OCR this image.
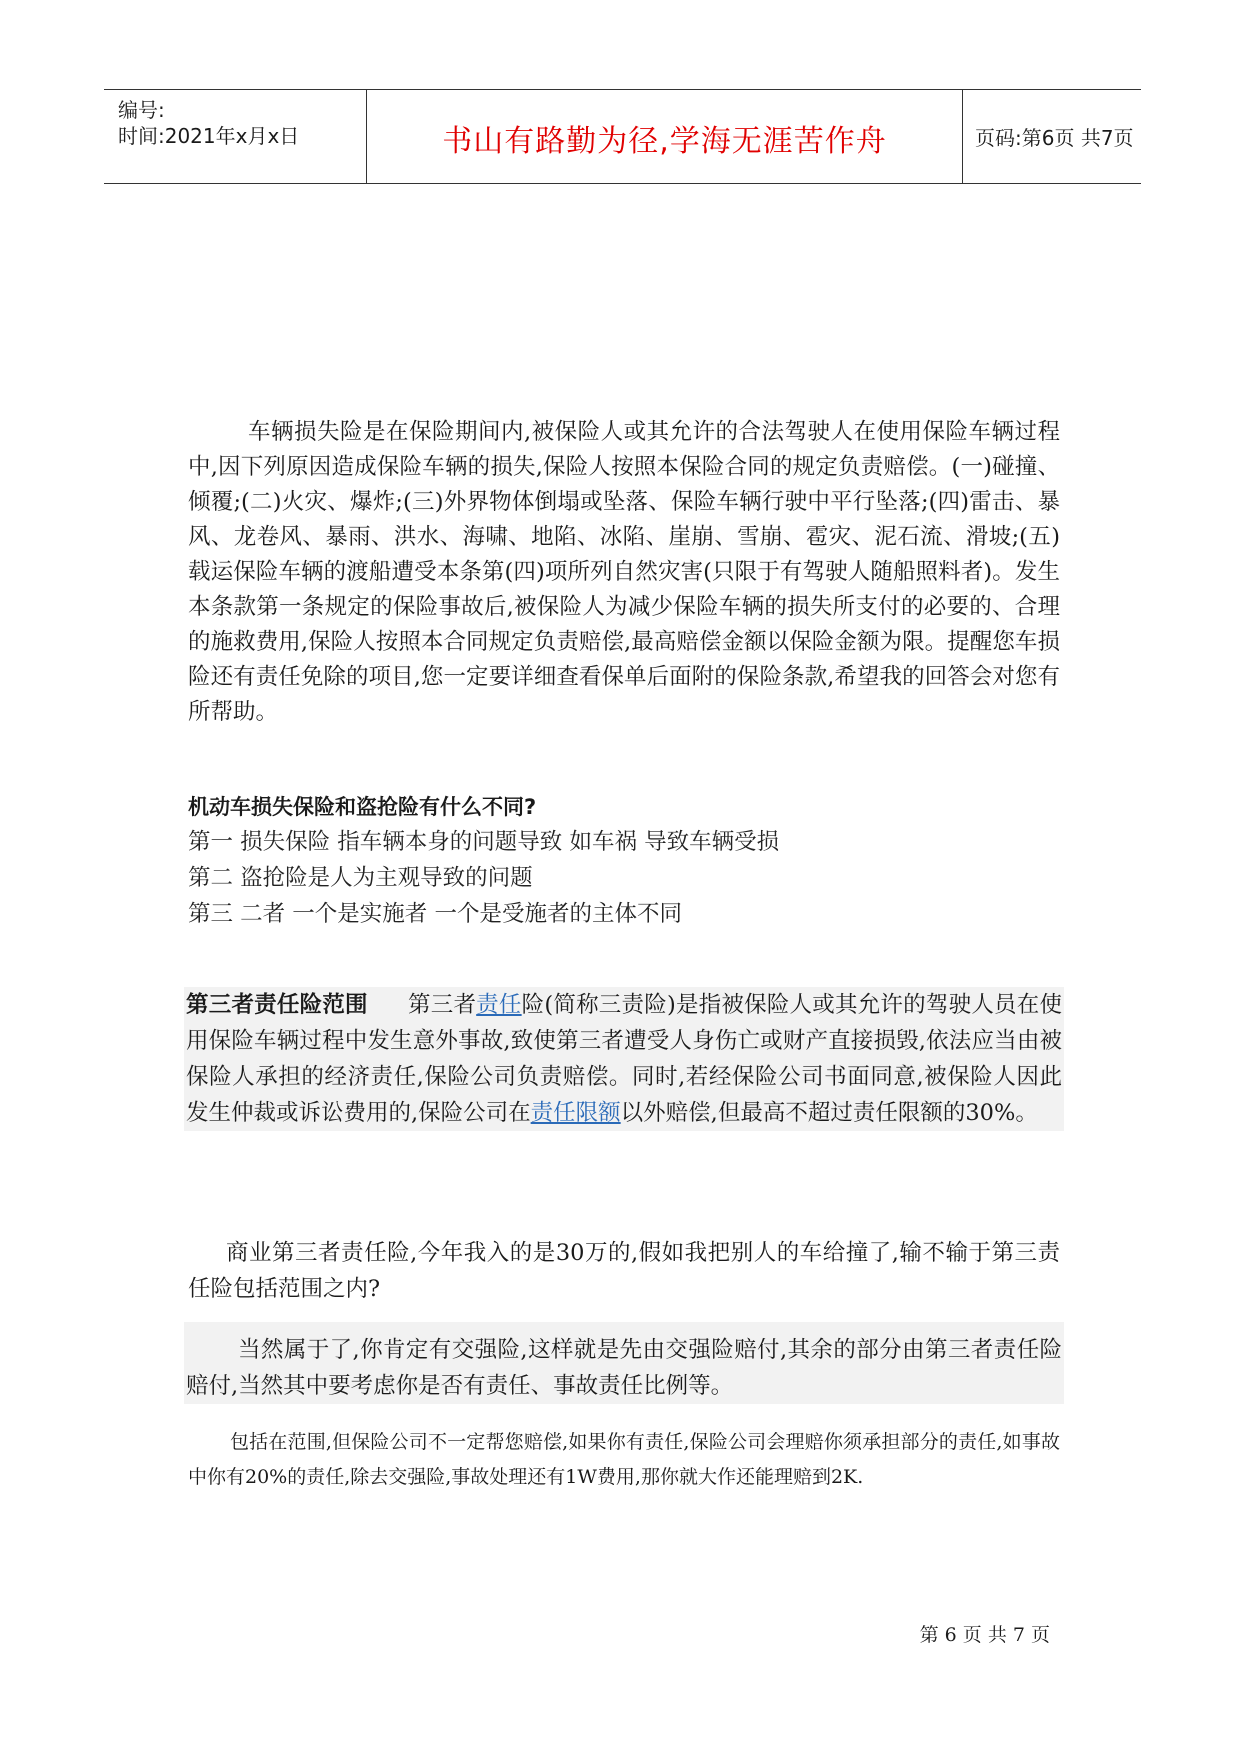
编号:
时间:2021年x月x日	书山有路勤为径,学海无涯苦作舟	页码:第6页 共7页

车辆损失险是在保险期间内,被保险人或其允许的合法驾驶人在使用保险车辆过程中,因下列原因造成保险车辆的损失,保险人按照本保险合同的规定负责赔偿。(一)碰撞、倾覆;(二)火灾、爆炸;(三)外界物体倒塌或坠落、保险车辆行驶中平行坠落;(四)雷击、暴风、龙卷风、暴雨、洪水、海啸、地陷、冰陷、崖崩、雪崩、雹灾、泥石流、滑坡;(五)载运保险车辆的渡船遭受本条第(四)项所列自然灾害(只限于有驾驶人随船照料者)。发生本条款第一条规定的保险事故后,被保险人为减少保险车辆的损失所支付的必要的、合理的施救费用,保险人按照本合同规定负责赔偿,最高赔偿金额以保险金额为限。提醒您车损险还有责任免除的项目,您一定要详细查看保单后面附的保险条款,希望我的回答会对您有所帮助。

机动车损失保险和盗抢险有什么不同?
第一 损失保险 指车辆本身的问题导致 如车祸 导致车辆受损
第二 盗抢险是人为主观导致的问题
第三 二者 一个是实施者 一个是受施者的主体不同

第三者责任险范围 第三者责任险(简称三责险)是指被保险人或其允许的驾驶人员在使用保险车辆过程中发生意外事故,致使第三者遭受人身伤亡或财产直接损毁,依法应当由被保险人承担的经济责任,保险公司负责赔偿。同时,若经保险公司书面同意,被保险人因此发生仲裁或诉讼费用的,保险公司在责任限额以外赔偿,但最高不超过责任限额的30%。

商业第三者责任险,今年我入的是30万的,假如我把别人的车给撞了,输不输于第三责任险包括范围之内?

当然属于了,你肯定有交强险,这样就是先由交强险赔付,其余的部分由第三者责任险赔付,当然其中要考虑你是否有责任、事故责任比例等。

包括在范围,但保险公司不一定帮您赔偿,如果你有责任,保险公司会理赔你须承担部分的责任,如事故中你有20%的责任,除去交强险,事故处理还有1W费用,那你就大作还能理赔到2K.

第 6 页 共 7 页
